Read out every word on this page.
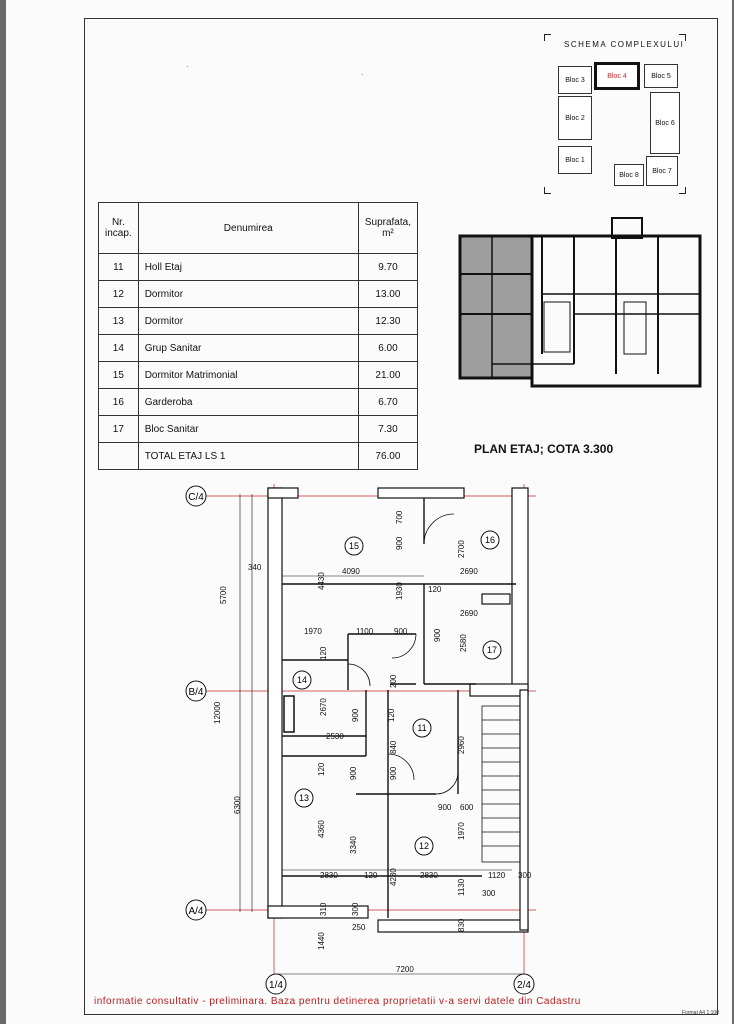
·
·
SCHEMA COMPLEXULUI
Bloc 3
Bloc 4	Bloc 5
Bloc 2
Bloc 6
Bloc 1
Bloc 8
Bloc 7
Nr. incap.	Denumirea	Suprafata, m²
11	Holl Etaj	9.70
12	Dormitor	13.00
13	Dormitor	12.30
14	Grup Sanitar	6.00
15	Dormitor Matrimonial	21.00
16	Garderoba	6.70
17	Bloc Sanitar	7.30
	TOTAL ETAJ LS 1	76.00	PLAN ETAJ; COTA 3.300
C/4
B/4
A/4
1/4	2/4
15
16
17
14
11
13
12
7200
340	4090	2690
2690
1970	1100	900
120
2530
900 600
2830	120	2830	1120 300
300
250
5700
12000
6300
4430
700
900	2700
1930
900 2580
120
200
2670	900	120
840	2960
120	900	900
4360
3340
4230
1970
1130
310	300
1440
830
informatie consultativ - preliminara. Baza pentru detinerea proprietatii v-a servi datele din Cadastru
Format A4 1:100
